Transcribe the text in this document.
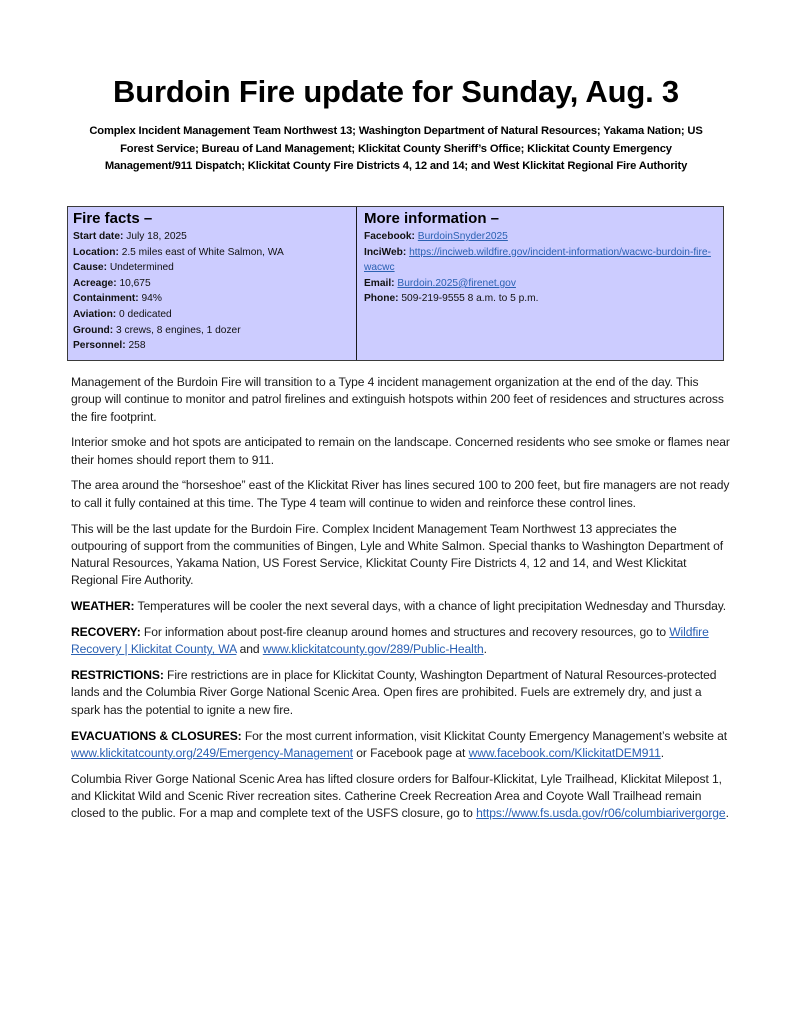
Burdoin Fire update for Sunday, Aug. 3
Complex Incident Management Team Northwest 13; Washington Department of Natural Resources; Yakama Nation; US Forest Service; Bureau of Land Management; Klickitat County Sheriff’s Office; Klickitat County Emergency Management/911 Dispatch; Klickitat County Fire Districts 4, 12 and 14; and West Klickitat Regional Fire Authority
Fire facts –
Start date: July 18, 2025
Location: 2.5 miles east of White Salmon, WA
Cause: Undetermined
Acreage: 10,675
Containment: 94%
Aviation: 0 dedicated
Ground: 3 crews, 8 engines, 1 dozer
Personnel: 258
More information –
Facebook: BurdoinSnyder2025
InciWeb: https://inciweb.wildfire.gov/incident-information/wacwc-burdoin-fire-wacwc
Email: Burdoin.2025@firenet.gov
Phone: 509-219-9555 8 a.m. to 5 p.m.

Management of the Burdoin Fire will transition to a Type 4 incident management organization at the end of the day. This group will continue to monitor and patrol firelines and extinguish hotspots within 200 feet of residences and structures across the fire footprint.

Interior smoke and hot spots are anticipated to remain on the landscape. Concerned residents who see smoke or flames near their homes should report them to 911.

The area around the “horseshoe” east of the Klickitat River has lines secured 100 to 200 feet, but fire managers are not ready to call it fully contained at this time. The Type 4 team will continue to widen and reinforce these control lines.

This will be the last update for the Burdoin Fire. Complex Incident Management Team Northwest 13 appreciates the outpouring of support from the communities of Bingen, Lyle and White Salmon. Special thanks to Washington Department of Natural Resources, Yakama Nation, US Forest Service, Klickitat County Fire Districts 4, 12 and 14, and West Klickitat Regional Fire Authority.

WEATHER: Temperatures will be cooler the next several days, with a chance of light precipitation Wednesday and Thursday.

RECOVERY: For information about post-fire cleanup around homes and structures and recovery resources, go to Wildfire Recovery | Klickitat County, WA and www.klickitatcounty.gov/289/Public-Health.

RESTRICTIONS: Fire restrictions are in place for Klickitat County, Washington Department of Natural Resources-protected lands and the Columbia River Gorge National Scenic Area. Open fires are prohibited. Fuels are extremely dry, and just a spark has the potential to ignite a new fire.

EVACUATIONS & CLOSURES: For the most current information, visit Klickitat County Emergency Management’s website at www.klickitatcounty.org/249/Emergency-Management or Facebook page at www.facebook.com/KlickitatDEM911.

Columbia River Gorge National Scenic Area has lifted closure orders for Balfour-Klickitat, Lyle Trailhead, Klickitat Milepost 1, and Klickitat Wild and Scenic River recreation sites. Catherine Creek Recreation Area and Coyote Wall Trailhead remain closed to the public. For a map and complete text of the USFS closure, go to https://www.fs.usda.gov/r06/columbiarivergorge.
